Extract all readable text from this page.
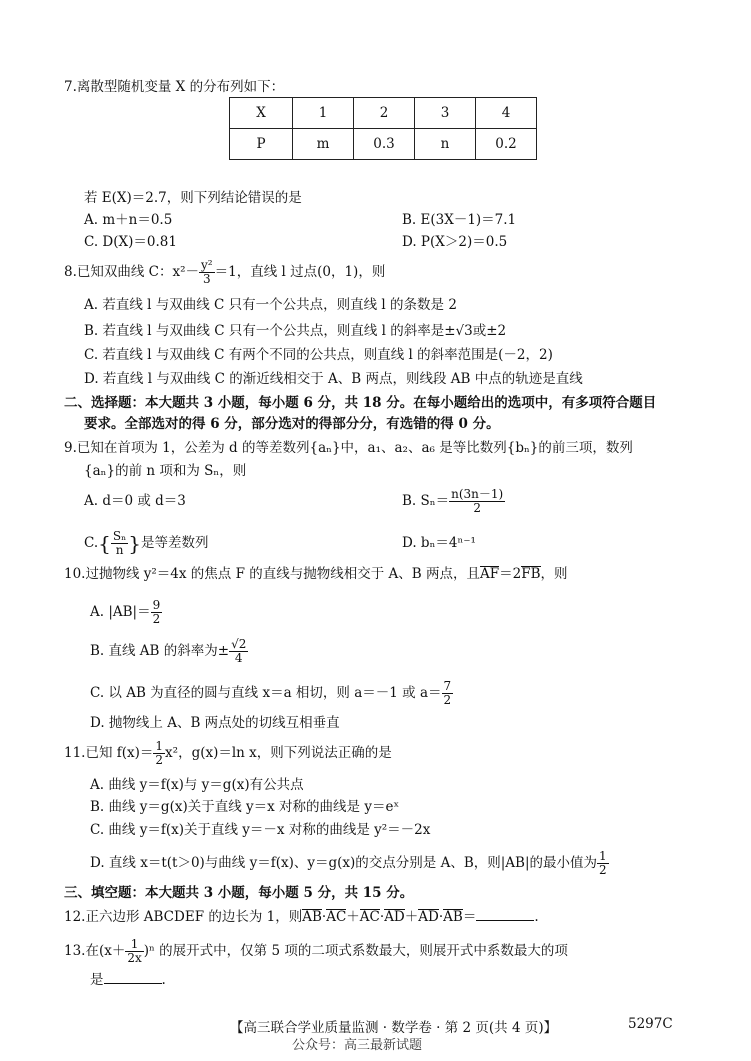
7.离散型随机变量 X 的分布列如下：
X	1	2	3	4
P	m	0.3	n	0.2
若 E(X)＝2.7，则下列结论错误的是
A. m＋n＝0.5	B. E(3X－1)＝7.1
C. D(X)＝0.81	D. P(X＞2)＝0.5
8.已知双曲线 C：$x^2- \frac{\text{y²}}{3} =1$，直线 l 过点(0，1)，则
A. 若直线 l 与双曲线 C 只有一个公共点，则直线 l 的条数是 2
B. 若直线 l 与双曲线 C 只有一个公共点，则直线 l 的斜率是±√3或±2
C. 若直线 l 与双曲线 C 有两个不同的公共点，则直线 l 的斜率范围是(－2，2)
D. 若直线 l 与双曲线 C 的渐近线相交于 A、B 两点，则线段 AB 中点的轨迹是直线
二、选择题：本大题共 3 小题，每小题 6 分，共 18 分。在每小题给出的选项中，有多项符合题目
要求。全部选对的得 6 分，部分选对的得部分分，有选错的得 0 分。
9.已知在首项为 1，公差为 d 的等差数列{aₙ}中，a₁、a₂、a₆ 是等比数列{bₙ}的前三项，数列
{aₙ}的前 n 项和为 Sₙ，则
A. d＝0 或 d＝3	B. $S_n= \frac{n(3n-1)}{2}$
$C.\{ \frac{\text{Sₙ}}{n}$ }是等差数列	D. bₙ＝4ⁿ⁻¹
10.过抛物线 y²＝4x 的焦点 F 的直线与抛物线相交于 A、B 两点，且AF＝2FB，则
A. $|AB|= \frac{9}{2}$
B. 直线 AB 的斜率为± $\frac{√2}{4}$
C. 以 AB 为直径的圆与直线 x＝a 相切，则 a＝－1 或 $a= \frac{7}{2}$
D. 抛物线上 A、B 两点处的切线互相垂直
11.已知 $f(x)= \frac{1}{2} x^2$，g(x)＝ln x，则下列说法正确的是
A. 曲线 y＝f(x)与 y＝g(x)有公共点
B. 曲线 y＝g(x)关于直线 y＝x 对称的曲线是 y＝eˣ
C. 曲线 y＝f(x)关于直线 y＝－x 对称的曲线是 y²＝－2x
D. 直线 x＝t(t＞0)与曲线 y＝f(x)、y＝g(x)的交点分别是 A、B，则|AB|的最小值为 $\frac{1}{2}$
三、填空题：本大题共 3 小题，每小题 5 分，共 15 分。
12.正六边形 ABCDEF 的边长为 1，则AB·AC＋AC·AD＋AD·AB＝	.
13.在$(x+ \frac{1}{2x} )^n$ 的展开式中，仅第 5 项的二项式系数最大，则展开式中系数最大的项
是	.
【高三联合学业质量监测 · 数学卷 · 第 2 页(共 4 页)】	5297C
公众号：高三最新试题
